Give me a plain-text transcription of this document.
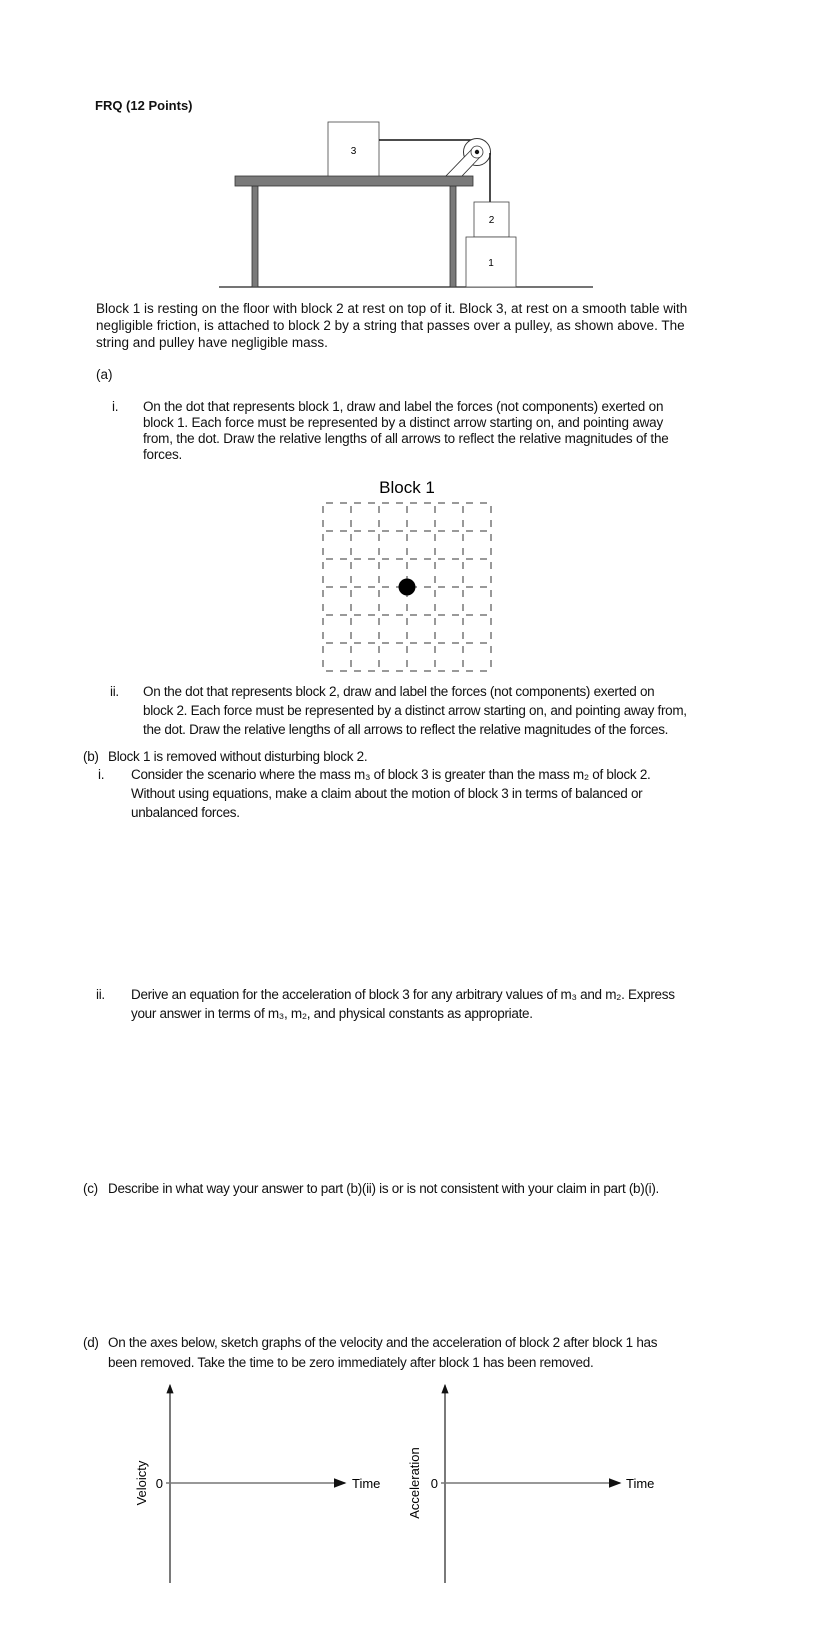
FRQ (12 Points)
3
2
1
Block 1 is resting on the floor with block 2 at rest on top of it. Block 3, at rest on a smooth table with
negligible friction, is attached to block 2 by a string that passes over a pulley, as shown above. The
string and pulley have negligible mass.
(a)
i. On the dot that represents block 1, draw and label the forces (not components) exerted on
block 1. Each force must be represented by a distinct arrow starting on, and pointing away
from, the dot. Draw the relative lengths of all arrows to reflect the relative magnitudes of the
forces.
Block 1
ii. On the dot that represents block 2, draw and label the forces (not components) exerted on
block 2. Each force must be represented by a distinct arrow starting on, and pointing away from,
the dot. Draw the relative lengths of all arrows to reflect the relative magnitudes of the forces.
(b) Block 1 is removed without disturbing block 2.
i. Consider the scenario where the mass m₃ of block 3 is greater than the mass m₂ of block 2.
Without using equations, make a claim about the motion of block 3 in terms of balanced or
unbalanced forces.
ii. Derive an equation for the acceleration of block 3 for any arbitrary values of m₃ and m₂. Express
your answer in terms of m₃, m₂, and physical constants as appropriate.
(c) Describe in what way your answer to part (b)(ii) is or is not consistent with your claim in part (b)(i).
(d) On the axes below, sketch graphs of the velocity and the acceleration of block 2 after block 1 has
been removed. Take the time to be zero immediately after block 1 has been removed.
0	Time
Veloicty	0	Time
Acceleration
